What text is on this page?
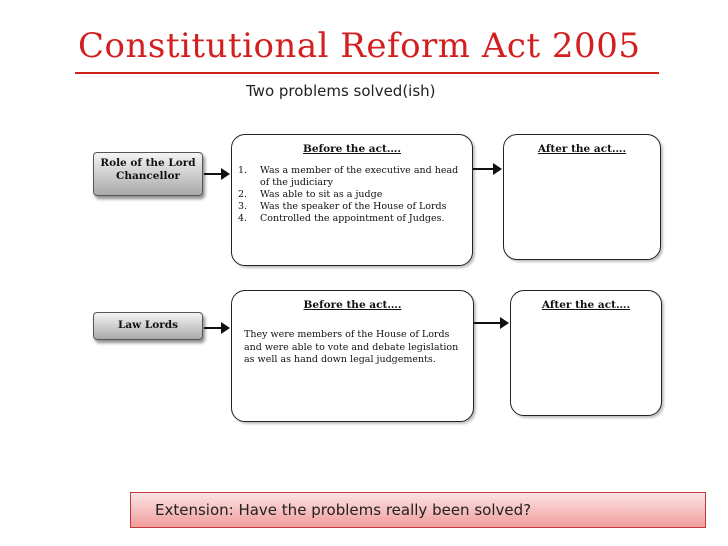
Constitutional Reform Act 2005
Two problems solved(ish)
Role of the Lord
Chancellor
Before the act….
1.	Was a member of the executive and head of the judiciary
2.	Was able to sit as a judge
3.	Was the speaker of the House of Lords
4.	Controlled the appointment of Judges.
After the act….
Law Lords
Before the act….
They were members of the House of Lords and were able to vote and debate legislation as well as hand down legal judgements.
After the act….
Extension: Have the problems really been solved?
